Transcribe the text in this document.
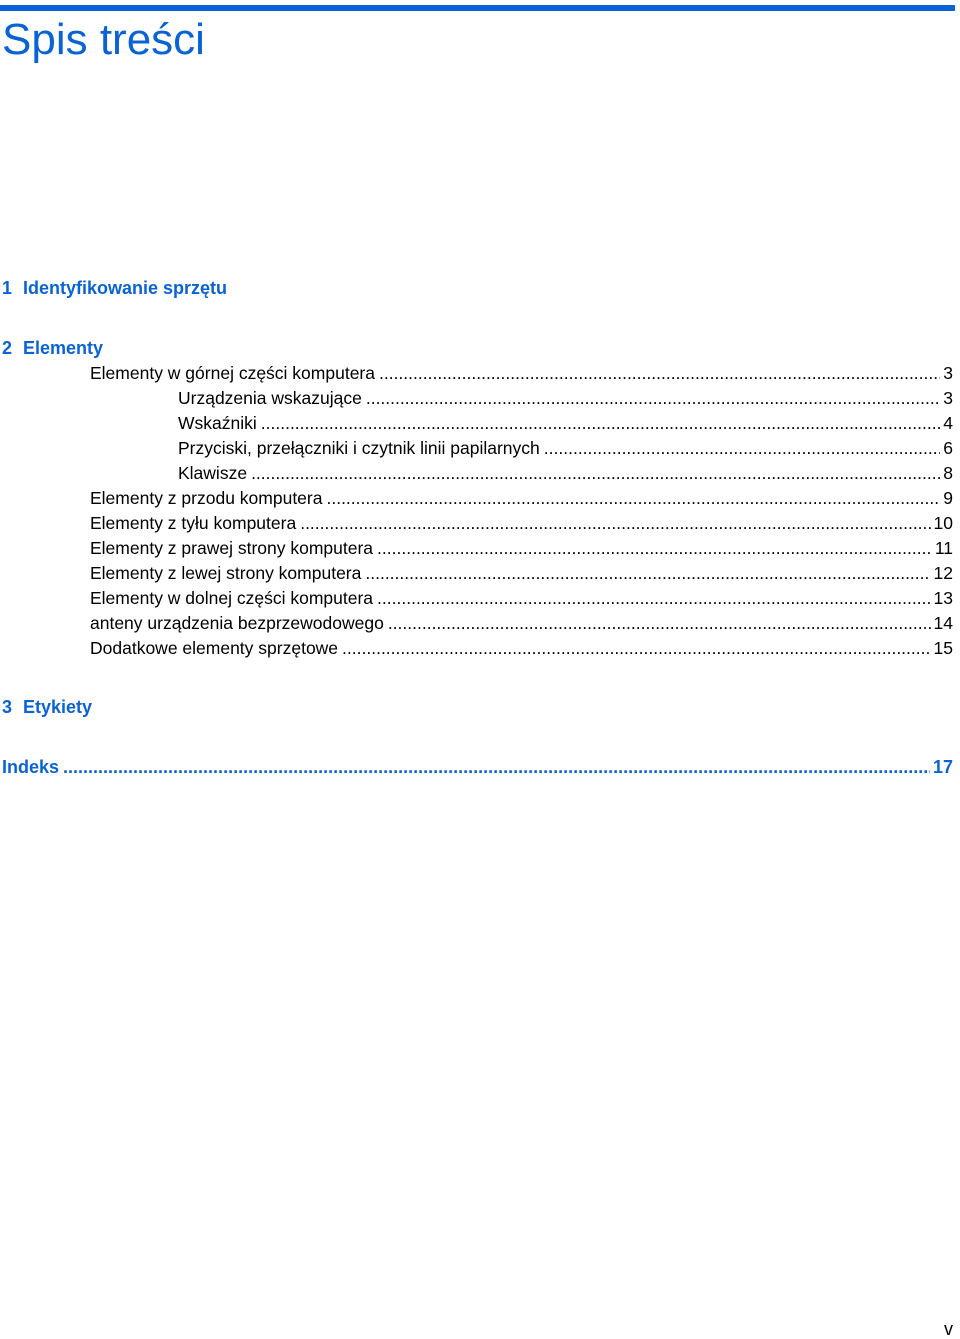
Spis treści
1 Identyfikowanie sprzętu
2 Elementy
Elementy w górnej części komputera .....	3
Urządzenia wskazujące .....	3
Wskaźniki .....	4
Przyciski, przełączniki i czytnik linii papilarnych .....	6
Klawisze .....	8
Elementy z przodu komputera .....	9
Elementy z tyłu komputera .....	10
Elementy z prawej strony komputera .....	11
Elementy z lewej strony komputera .....	12
Elementy w dolnej części komputera .....	13
anteny urządzenia bezprzewodowego .....	14
Dodatkowe elementy sprzętowe .....	15
3 Etykiety
Indeks .....	17
v
